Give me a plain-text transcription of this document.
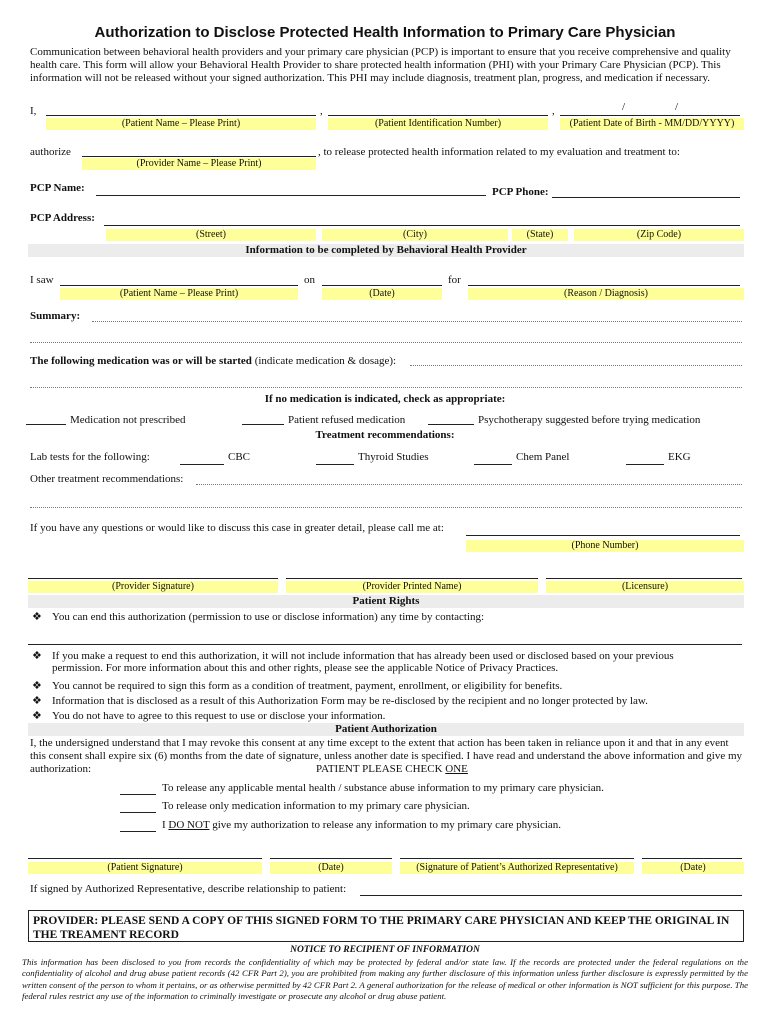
Authorization to Disclose Protected Health Information to Primary Care Physician
Communication between behavioral health providers and your primary care physician (PCP) is important to ensure that you receive comprehensive and quality health care. This form will allow your Behavioral Health Provider to share protected health information (PHI) with your Primary Care Physician (PCP). This information will not be released without your signed authorization. This PHI may include diagnosis, treatment plan, progress, and medication if necessary.
I,	,	,	/	/
(Patient Name – Please Print)	(Patient Identification Number)	(Patient Date of Birth - MM/DD/YYYY)
authorize	, to release protected health information related to my evaluation and treatment to:
(Provider Name – Please Print)
PCP Name:	PCP Phone:
PCP Address:
(Street)	(City)	(State)	(Zip Code)
Information to be completed by Behavioral Health Provider
I saw	on	for
(Patient Name – Please Print)	(Date)	(Reason / Diagnosis)
Summary:
The following medication was or will be started (indicate medication & dosage):
If no medication is indicated, check as appropriate:
Medication not prescribed	Patient refused medication	Psychotherapy suggested before trying medication
Treatment recommendations:
Lab tests for the following:	CBC	Thyroid Studies	Chem Panel	EKG
Other treatment recommendations:
If you have any questions or would like to discuss this case in greater detail, please call me at:
(Phone Number)
(Provider Signature)	(Provider Printed Name)	(Licensure)
Patient Rights
❖ You can end this authorization (permission to use or disclose information) any time by contacting:
❖ If you make a request to end this authorization, it will not include information that has already been used or disclosed based on your previous
permission. For more information about this and other rights, please see the applicable Notice of Privacy Practices.
❖ You cannot be required to sign this form as a condition of treatment, payment, enrollment, or eligibility for benefits.
❖ Information that is disclosed as a result of this Authorization Form may be re-disclosed by the recipient and no longer protected by law.
❖ You do not have to agree to this request to use or disclose your information.
Patient Authorization
I, the undersigned understand that I may revoke this consent at any time except to the extent that action has been taken in reliance upon it and that in any event this consent shall expire six (6) months from the date of signature, unless another date is specified. I have read and understand the above information and give my authorization:	PATIENT PLEASE CHECK ONE
To release any applicable mental health / substance abuse information to my primary care physician.
To release only medication information to my primary care physician.
I DO NOT give my authorization to release any information to my primary care physician.
(Patient Signature)	(Date)	(Signature of Patient’s Authorized Representative)	(Date)
If signed by Authorized Representative, describe relationship to patient:
PROVIDER: PLEASE SEND A COPY OF THIS SIGNED FORM TO THE PRIMARY CARE PHYSICIAN AND KEEP THE ORIGINAL IN THE TREAMENT RECORD
NOTICE TO RECIPIENT OF INFORMATION
This information has been disclosed to you from records the confidentiality of which may be protected by federal and/or state law. If the records are protected under the federal regulations on the confidentiality of alcohol and drug abuse patient records (42 CFR Part 2), you are prohibited from making any further disclosure of this information unless further disclosure is expressly permitted by the written consent of the person to whom it pertains, or as otherwise permitted by 42 CFR Part 2. A general authorization for the release of medical or other information is NOT sufficient for this purpose. The federal rules restrict any use of the information to criminally investigate or prosecute any alcohol or drug abuse patient.
